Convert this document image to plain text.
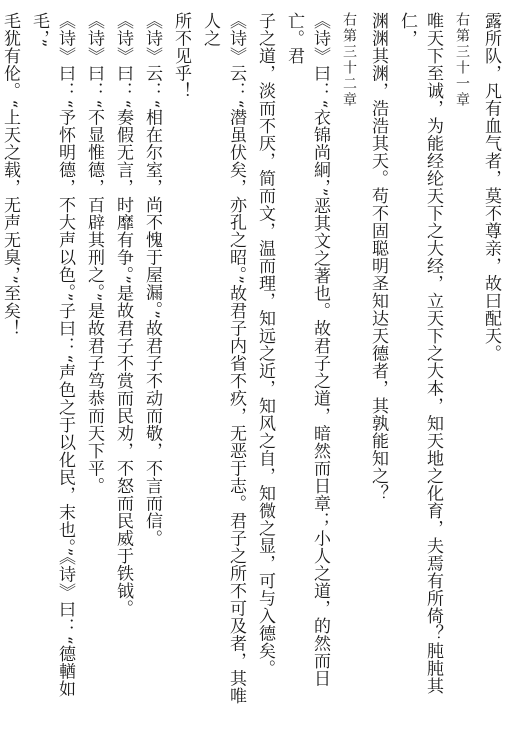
露所队，凡有血气者，莫不尊亲，故曰配天。
右第三十一章
唯天下至诚，为能经纶天下之大经，立天下之大本，知天地之化育，夫焉有所倚？肫肫其仁，
渊渊其渊，浩浩其天。苟不固聪明圣知达天德者，其孰能知之？
右第三十二章
《诗》曰：“衣锦尚絅，”恶其文之著也。故君子之道，暗然而日章；小人之道，的然而日亡。君
子之道，淡而不厌，简而文，温而理，知远之近，知风之自，知微之显，可与入德矣。
《诗》云：“潜虽伏矣，亦孔之昭。”故君子内省不疚，无恶于志。君子之所不可及者，其唯人之
所不见乎！
《诗》云：“相在尔室，尚不愧于屋漏。”故君子不动而敬，不言而信。
《诗》曰：“奏假无言，时靡有争。”是故君子不赏而民劝，不怒而民威于铁钺。
《诗》曰：“不显惟德，百辟其刑之。”是故君子笃恭而天下平。
《诗》曰：“予怀明德，不大声以色。”子曰：“声色之于以化民，末也。”《诗》曰：“德輶如毛，”
毛犹有伦。“上天之载，无声无臭，”至矣！
